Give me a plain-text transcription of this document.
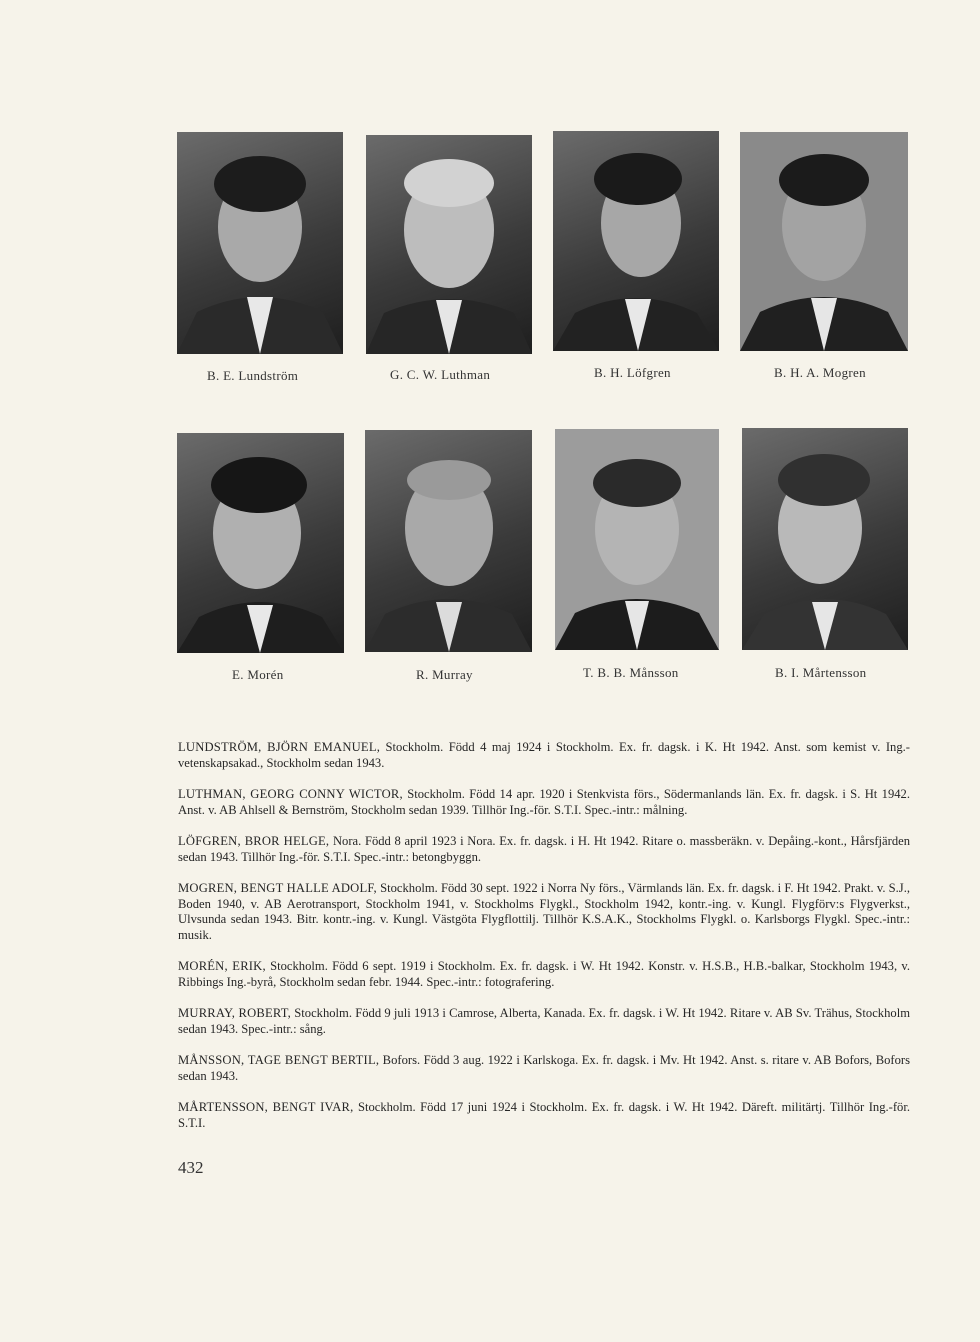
B. E. Lundström	G. C. W. Luthman	B. H. Löfgren	B. H. A. Mogren
E. Morén	R. Murray	T. B. B. Månsson	B. I. Mårtensson

LUNDSTRÖM, BJÖRN EMANUEL, Stockholm. Född 4 maj 1924 i Stockholm. Ex. fr. dagsk. i K. Ht 1942. Anst. som kemist v. Ing.-vetenskapsakad., Stockholm sedan 1943.

LUTHMAN, GEORG CONNY WICTOR, Stockholm. Född 14 apr. 1920 i Stenkvista förs., Södermanlands län. Ex. fr. dagsk. i S. Ht 1942. Anst. v. AB Ahlsell & Bernström, Stockholm sedan 1939. Tillhör Ing.-för. S.T.I. Spec.-intr.: målning.

LÖFGREN, BROR HELGE, Nora. Född 8 april 1923 i Nora. Ex. fr. dagsk. i H. Ht 1942. Ritare o. massberäkn. v. Depåing.-kont., Hårsfjärden sedan 1943. Tillhör Ing.-för. S.T.I. Spec.-intr.: betongbyggn.

MOGREN, BENGT HALLE ADOLF, Stockholm. Född 30 sept. 1922 i Norra Ny förs., Värmlands län. Ex. fr. dagsk. i F. Ht 1942. Prakt. v. S.J., Boden 1940, v. AB Aerotransport, Stockholm 1941, v. Stockholms Flygkl., Stockholm 1942, kontr.-ing. v. Kungl. Flygförv:s Flygverkst., Ulvsunda sedan 1943. Bitr. kontr.-ing. v. Kungl. Västgöta Flygflottilj. Tillhör K.S.A.K., Stockholms Flygkl. o. Karlsborgs Flygkl. Spec.-intr.: musik.

MORÉN, ERIK, Stockholm. Född 6 sept. 1919 i Stockholm. Ex. fr. dagsk. i W. Ht 1942. Konstr. v. H.S.B., H.B.-balkar, Stockholm 1943, v. Ribbings Ing.-byrå, Stockholm sedan febr. 1944. Spec.-intr.: fotografering.

MURRAY, ROBERT, Stockholm. Född 9 juli 1913 i Camrose, Alberta, Kanada. Ex. fr. dagsk. i W. Ht 1942. Ritare v. AB Sv. Trähus, Stockholm sedan 1943. Spec.-intr.: sång.

MÅNSSON, TAGE BENGT BERTIL, Bofors. Född 3 aug. 1922 i Karlskoga. Ex. fr. dagsk. i Mv. Ht 1942. Anst. s. ritare v. AB Bofors, Bofors sedan 1943.

MÅRTENSSON, BENGT IVAR, Stockholm. Född 17 juni 1924 i Stockholm. Ex. fr. dagsk. i W. Ht 1942. Däreft. militärtj. Tillhör Ing.-för. S.T.I.

432
